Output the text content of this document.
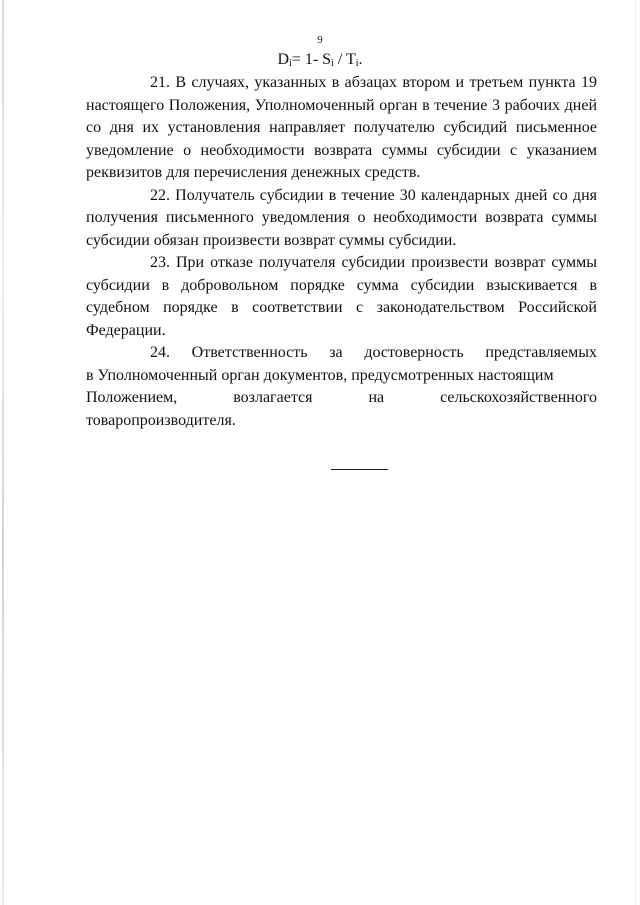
9
$D_i= 1-$ $S_i / T_i$.

21. В случаях, указанных в абзацах втором и третьем пункта 19 настоящего Положения, Уполномоченный орган в течение 3 рабочих дней со дня их установления направляет получателю субсидий письменное уведомление о необходимости возврата суммы субсидии с указанием реквизитов для перечисления денежных средств.

22. Получатель субсидии в течение 30 календарных дней со дня получения письменного уведомления о необходимости возврата суммы субсидии обязан произвести возврат суммы субсидии.

23. При отказе получателя субсидии произвести возврат суммы субсидии в добровольном порядке сумма субсидии взыскивается в судебном порядке в соответствии с законодательством Российской Федерации.

24. Ответственность за достоверность представляемых
в Уполномоченный орган документов, предусмотренных настоящим
Положением,	возлагается	на	сельскохозяйственного
товаропроизводителя.
